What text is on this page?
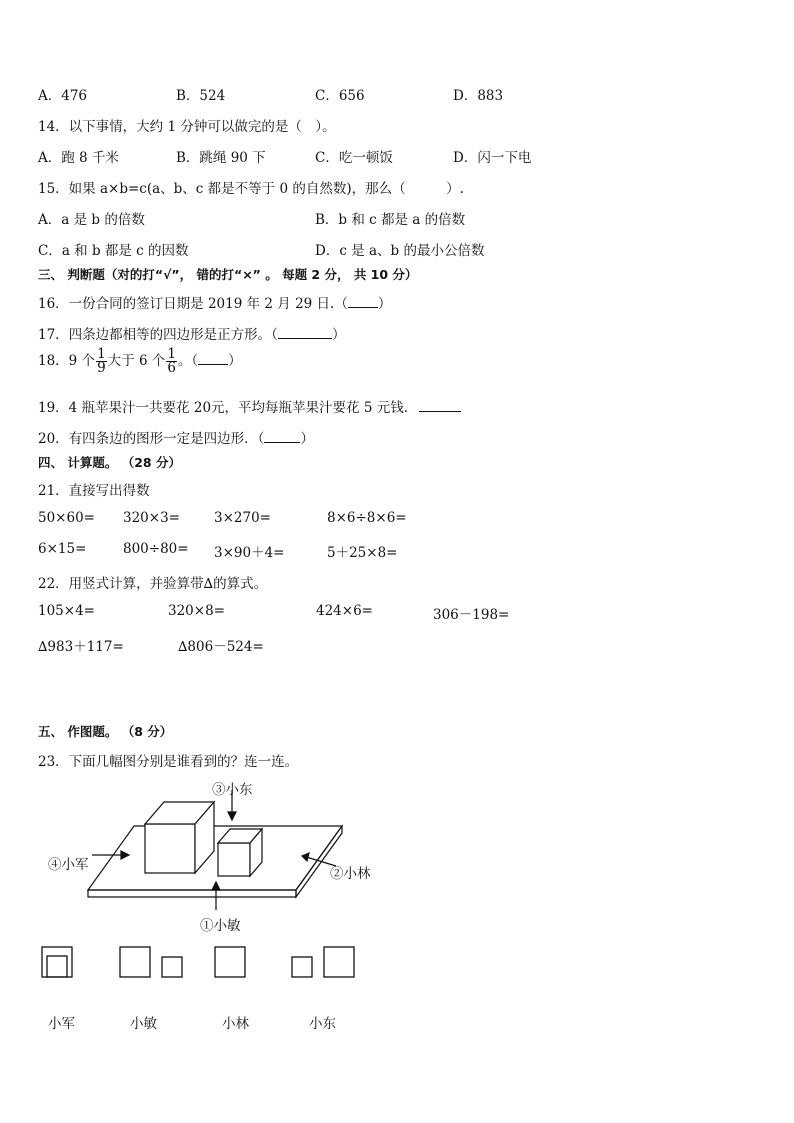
A．476	B．524	C．656	D．883
14．以下事情，大约 1 分钟可以做完的是（　）。
A．跑 8 千米	B．跳绳 90 下	C．吃一顿饭	D．闪一下电
15．如果 a×b=c(a、b、c 都是不等于 0 的自然数)，那么（　　　）.
A．a 是 b 的倍数	B．b 和 c 都是 a 的倍数
C．a 和 b 都是 c 的因数	D．c 是 a、b 的最小公倍数
三、 判断题（对的打“√”， 错的打“×” 。 每题 2 分， 共 10 分）
16．一份合同的签订日期是 2019 年 2 月 29 日.（ ）
17．四条边都相等的四边形是正方形。（	）
18．9 个 $\frac{1}{9}$ 大于 6 个 $\frac{1}{6}$ 。（ ）
19．4 瓶苹果汁一共要花 20元，平均每瓶苹果汁要花 5 元钱．
20．有四条边的图形一定是四边形．（	）
四、 计算题。 （28 分）
21．直接写出得数
50×60= 320×3=	3×270=	8×6÷8×6=
6×15=	800÷80= 3×90＋4=	5＋25×8=
22．用竖式计算，并验算带∆的算式。
105×4=	320×8=	424×6=	306－198=
∆983＋117=	∆806－524=
五、 作图题。 （8 分）
23．下面几幅图分别是谁看到的？连一连。
③小东
④小军
②小林
①小敏
小军	小敏	小林	小东
